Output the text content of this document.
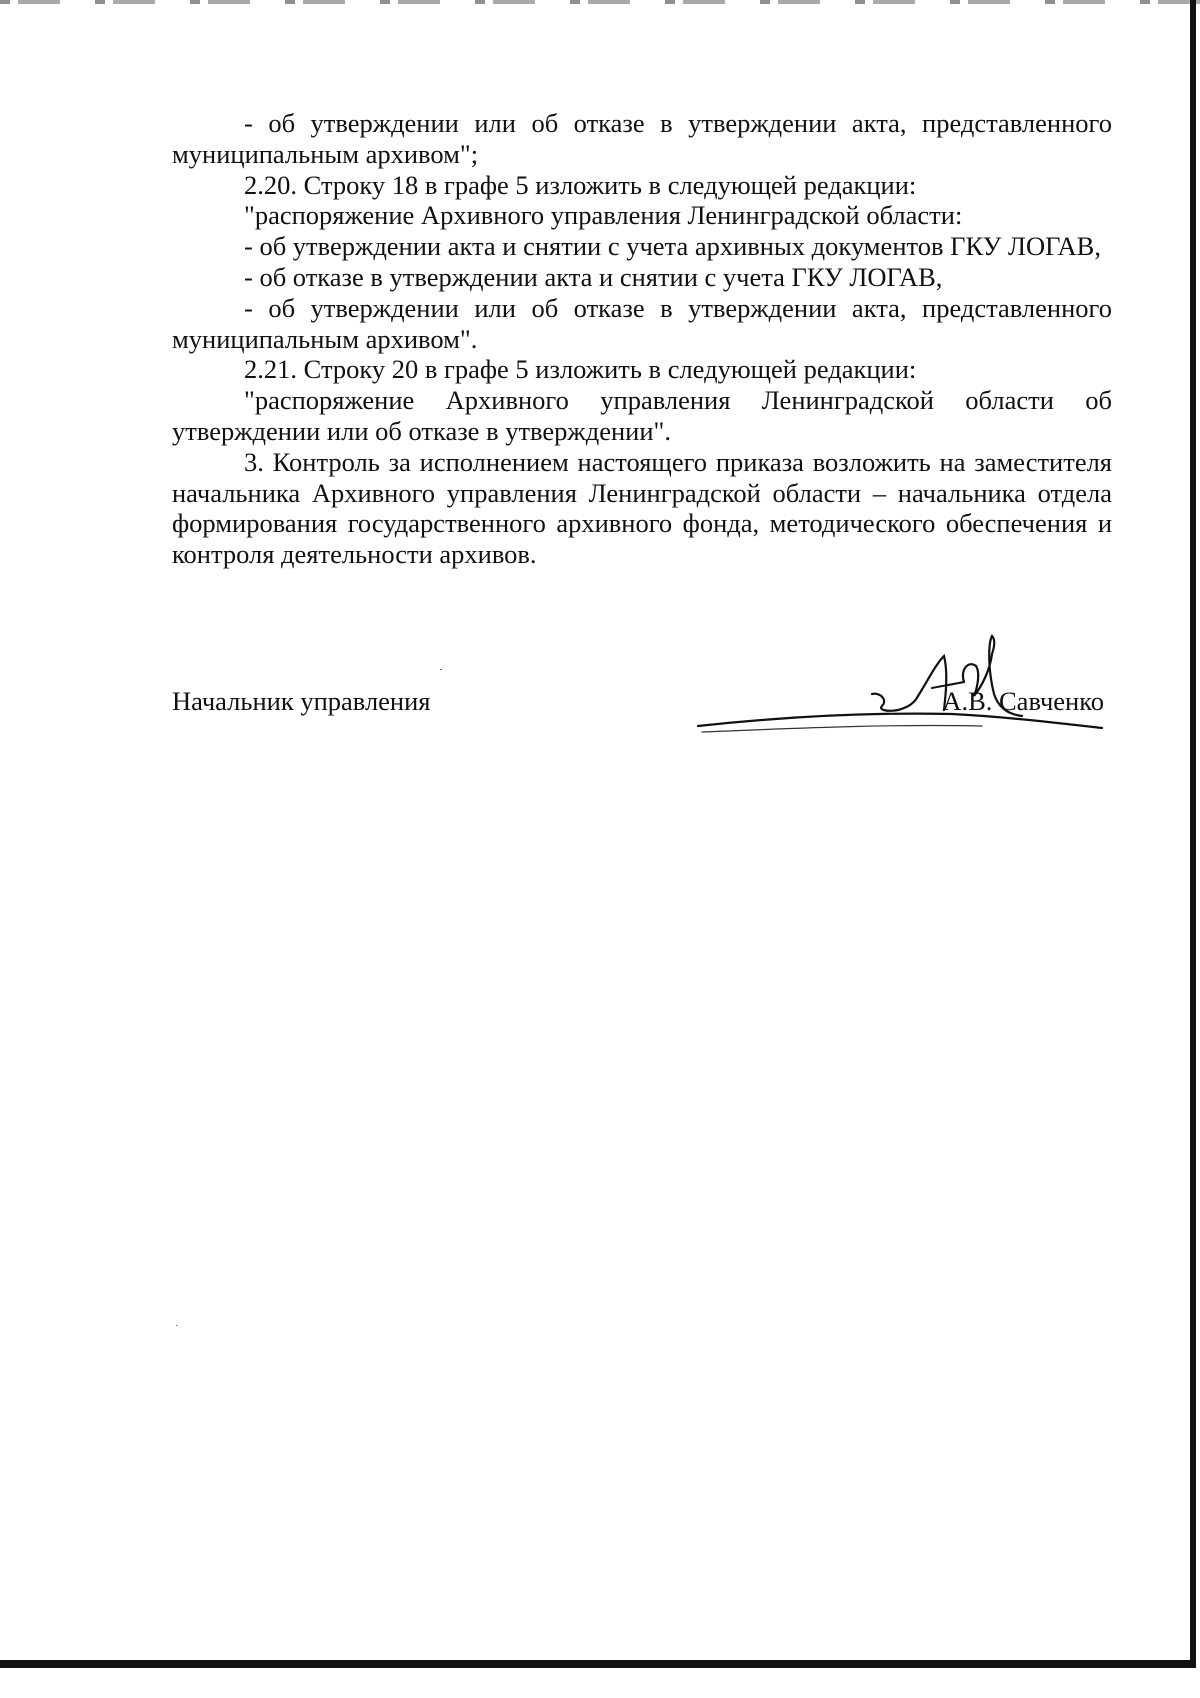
- об утверждении или об отказе в утверждении акта, представленного муниципальным архивом";

2.20. Строку 18 в графе 5 изложить в следующей редакции:

"распоряжение Архивного управления Ленинградской области:

- об утверждении акта и снятии с учета архивных документов ГКУ ЛОГАВ,

- об отказе в утверждении акта и снятии с учета ГКУ ЛОГАВ,

- об утверждении или об отказе в утверждении акта, представленного муниципальным архивом".

2.21. Строку 20 в графе 5 изложить в следующей редакции:

"распоряжение Архивного управления Ленинградской области об утверждении или об отказе в утверждении".

3. Контроль за исполнением настоящего приказа возложить на заместителя начальника Архивного управления Ленинградской области – начальника отдела формирования государственного архивного фонда, методического обеспечения и контроля деятельности архивов.

Начальник управления	А.В. Савченко
